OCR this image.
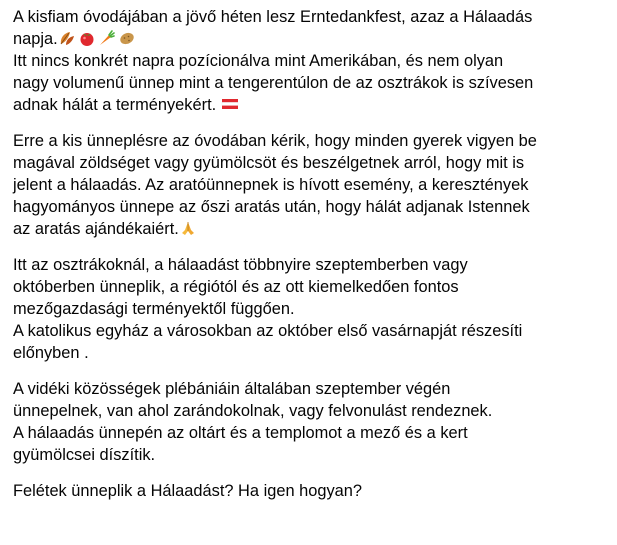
A kisfiam óvodájában a jövő héten lesz Erntedankfest, azaz a Hálaadás
napja.
Itt nincs konkrét napra pozícionálva mint Amerikában, és nem olyan
nagy volumenű ünnep mint a tengerentúlon de az osztrákok is szívesen
adnak hálát a terményekért.
Erre a kis ünneplésre az óvodában kérik, hogy minden gyerek vigyen be
magával zöldséget vagy gyümölcsöt és beszélgetnek arról, hogy mit is
jelent a hálaadás. Az aratóünnepnek is hívott esemény, a keresztények
hagyományos ünnepe az őszi aratás után, hogy hálát adjanak Istennek
az aratás ajándékaiért.
Itt az osztrákoknál, a hálaadást többnyire szeptemberben vagy
októberben ünneplik, a régiótól és az ott kiemelkedően fontos
mezőgazdasági terményektől függően.
A katolikus egyház a városokban az október első vasárnapját részesíti
előnyben .
A vidéki közösségek plébániáin általában szeptember végén
ünnepelnek, van ahol zarándokolnak, vagy felvonulást rendeznek.
A hálaadás ünnepén az oltárt és a templomot a mező és a kert
gyümölcsei díszítik.
Felétek ünneplik a Hálaadást? Ha igen hogyan?
